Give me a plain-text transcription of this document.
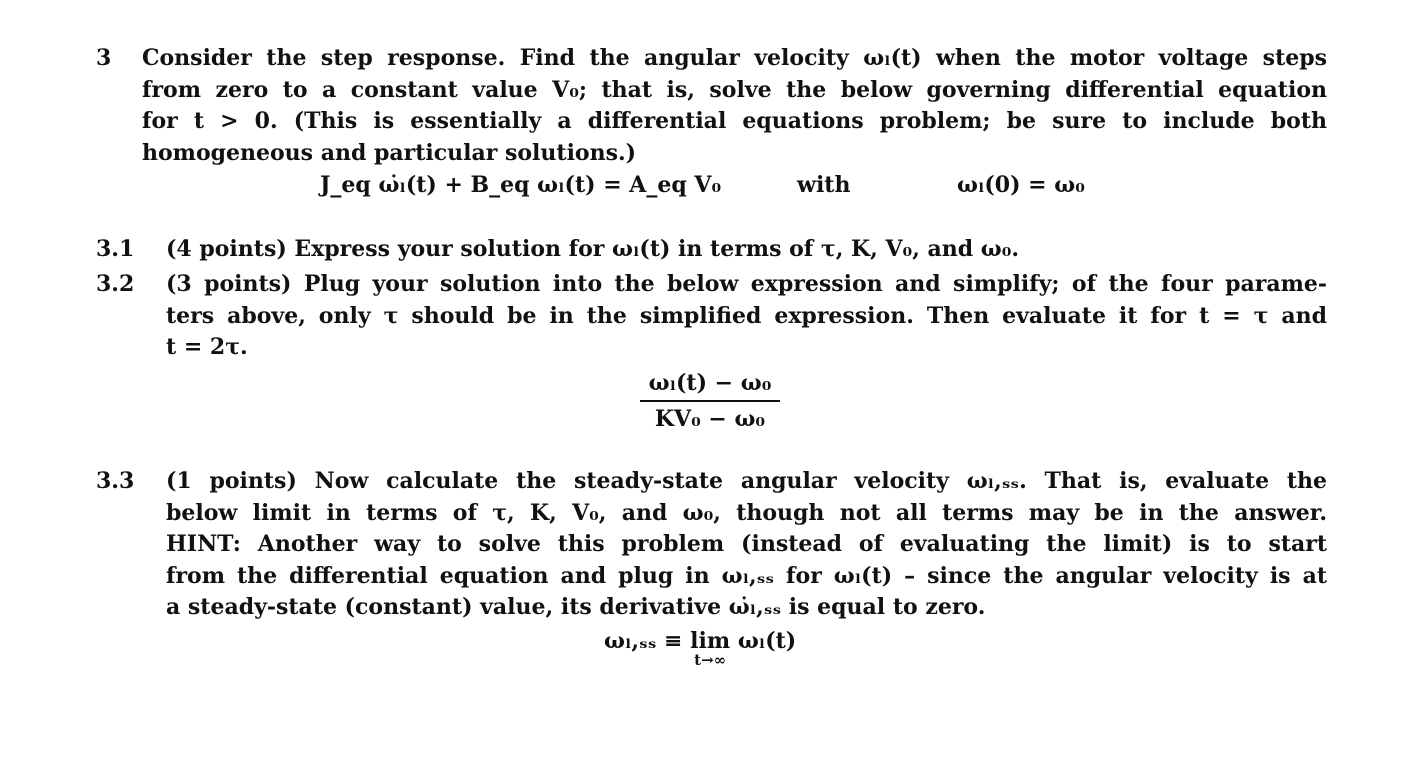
3 Consider the step response. Find the angular velocity ωₗ(t) when the motor voltage steps
from zero to a constant value V₀; that is, solve the below governing differential equation
for t > 0. (This is essentially a differential equations problem; be sure to include both
homogeneous and particular solutions.)
J_eq ω̇ₗ(t) + B_eq ωₗ(t) = A_eq V₀	with	ωₗ(0) = ω₀
3.1 (4 points) Express your solution for ωₗ(t) in terms of τ, K, V₀, and ω₀.
3.2 (3 points) Plug your solution into the below expression and simplify; of the four parame-
ters above, only τ should be in the simplified expression. Then evaluate it for t = τ and
t = 2τ.
ωₗ(t) − ω₀
KV₀ − ω₀
3.3 (1 points) Now calculate the steady-state angular velocity ωₗ,ₛₛ. That is, evaluate the
below limit in terms of τ, K, V₀, and ω₀, though not all terms may be in the answer.
HINT: Another way to solve this problem (instead of evaluating the limit) is to start
from the differential equation and plug in ωₗ,ₛₛ for ωₗ(t) – since the angular velocity is at
a steady-state (constant) value, its derivative ω̇ₗ,ₛₛ is equal to zero.
ωₗ,ₛₛ ≡ lim
t→∞
ωₗ(t)
